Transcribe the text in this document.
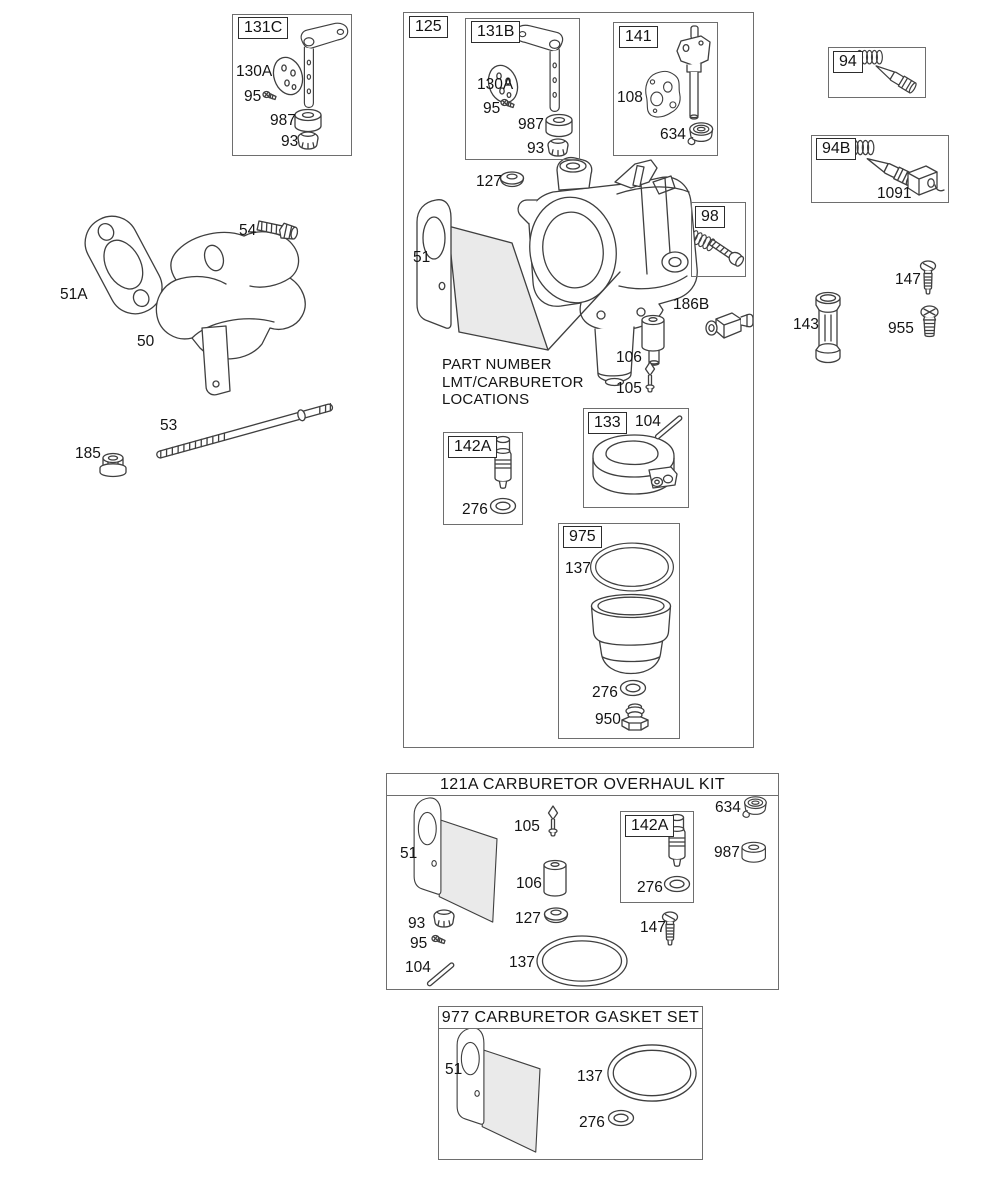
121A CARBURETOR OVERHAUL KIT
977 CARBURETOR GASKET SET
131C	125	131B	141
94
94B
98
142A
133
975
142A
130A
95
987
93
130A
95
987
93
108
634
1091
127
51
PART NUMBER
LMT/CARBURETOR
LOCATIONS
186B
106
105
276
104
137
276
950
147
955
143
54
51A
50
53
185
51
105
106
127
93
95
104	137
276
147
634
987
51	137
276
